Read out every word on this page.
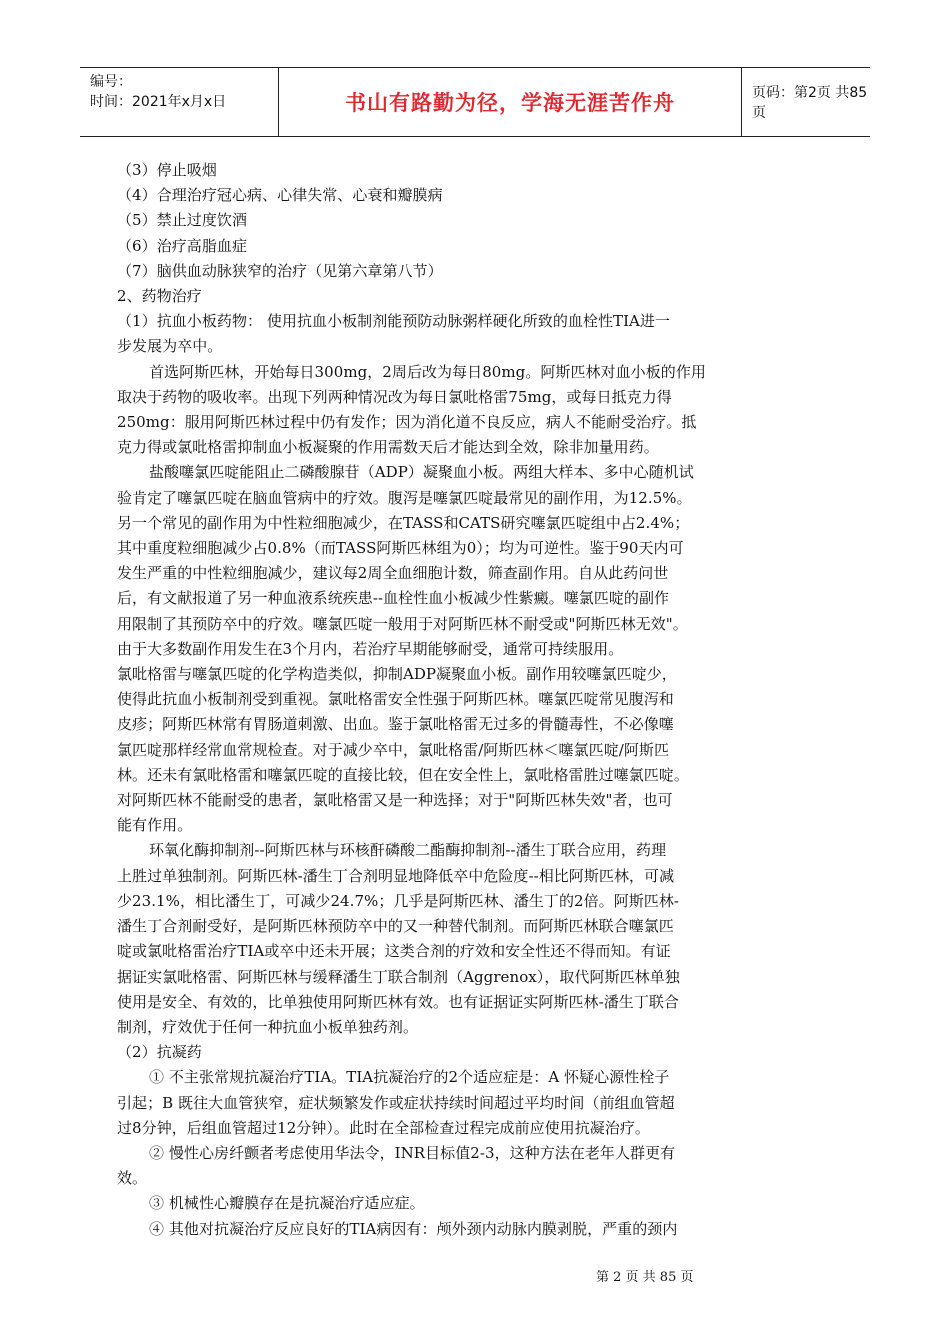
编号：
时间：2021年x月x日	书山有路勤为径，学海无涯苦作舟	页码：第2页 共85页
（3）停止吸烟
（4）合理治疗冠心病、心律失常、心衰和瓣膜病
（5）禁止过度饮酒
（6）治疗高脂血症
（7）脑供血动脉狭窄的治疗（见第六章第八节）
2、药物治疗
（1）抗血小板药物： 使用抗血小板制剂能预防动脉粥样硬化所致的血栓性TIA进一
步发展为卒中。
首选阿斯匹林，开始每日300mg，2周后改为每日80mg。阿斯匹林对血小板的作用
取决于药物的吸收率。出现下列两种情况改为每日氯吡格雷75mg，或每日抵克力得
250mg：服用阿斯匹林过程中仍有发作；因为消化道不良反应，病人不能耐受治疗。抵
克力得或氯吡格雷抑制血小板凝聚的作用需数天后才能达到全效，除非加量用药。
盐酸噻氯匹啶能阻止二磷酸腺苷（ADP）凝聚血小板。两组大样本、多中心随机试
验肯定了噻氯匹啶在脑血管病中的疗效。腹泻是噻氯匹啶最常见的副作用，为12.5%。
另一个常见的副作用为中性粒细胞减少，在TASS和CATS研究噻氯匹啶组中占2.4%；
其中重度粒细胞减少占0.8%（而TASS阿斯匹林组为0）；均为可逆性。鉴于90天内可
发生严重的中性粒细胞减少，建议每2周全血细胞计数，筛查副作用。自从此药问世
后，有文献报道了另一种血液系统疾患--血栓性血小板减少性紫癜。噻氯匹啶的副作
用限制了其预防卒中的疗效。噻氯匹啶一般用于对阿斯匹林不耐受或"阿斯匹林无效"。
由于大多数副作用发生在3个月内，若治疗早期能够耐受，通常可持续服用。
氯吡格雷与噻氯匹啶的化学构造类似，抑制ADP凝聚血小板。副作用较噻氯匹啶少，
使得此抗血小板制剂受到重视。氯吡格雷安全性强于阿斯匹林。噻氯匹啶常见腹泻和
皮疹；阿斯匹林常有胃肠道刺激、出血。鉴于氯吡格雷无过多的骨髓毒性，不必像噻
氯匹啶那样经常血常规检查。对于减少卒中，氯吡格雷/阿斯匹林＜噻氯匹啶/阿斯匹
林。还未有氯吡格雷和噻氯匹啶的直接比较，但在安全性上，氯吡格雷胜过噻氯匹啶。
对阿斯匹林不能耐受的患者，氯吡格雷又是一种选择；对于"阿斯匹林失效"者，也可
能有作用。
环氧化酶抑制剂--阿斯匹林与环核酐磷酸二酯酶抑制剂--潘生丁联合应用，药理
上胜过单独制剂。阿斯匹林-潘生丁合剂明显地降低卒中危险度--相比阿斯匹林，可减
少23.1%，相比潘生丁，可减少24.7%；几乎是阿斯匹林、潘生丁的2倍。阿斯匹林-
潘生丁合剂耐受好，是阿斯匹林预防卒中的又一种替代制剂。而阿斯匹林联合噻氯匹
啶或氯吡格雷治疗TIA或卒中还未开展；这类合剂的疗效和安全性还不得而知。有证
据证实氯吡格雷、阿斯匹林与缓释潘生丁联合制剂（Aggrenox），取代阿斯匹林单独
使用是安全、有效的，比单独使用阿斯匹林有效。也有证据证实阿斯匹林-潘生丁联合
制剂，疗效优于任何一种抗血小板单独药剂。
（2）抗凝药
① 不主张常规抗凝治疗TIA。TIA抗凝治疗的2个适应症是：A 怀疑心源性栓子
引起；B 既往大血管狭窄，症状频繁发作或症状持续时间超过平均时间（前组血管超
过8分钟，后组血管超过12分钟）。此时在全部检查过程完成前应使用抗凝治疗。
② 慢性心房纤颤者考虑使用华法令，INR目标值2-3，这种方法在老年人群更有
效。
③ 机械性心瓣膜存在是抗凝治疗适应症。
④ 其他对抗凝治疗反应良好的TIA病因有：颅外颈内动脉内膜剥脱，严重的颈内
第 2 页 共 85 页
